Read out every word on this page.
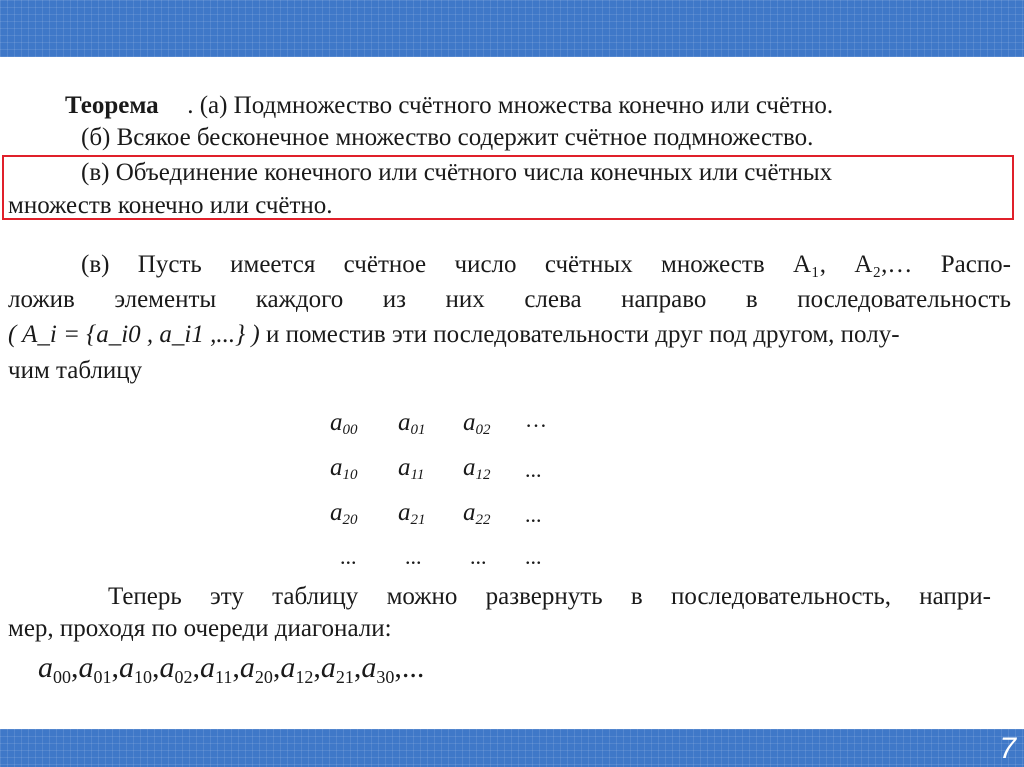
Теорема . (а) Подмножество счётного множества конечно или счётно.
(б) Всякое бесконечное множество содержит счётное подмножество.
(в) Объединение конечного или счётного числа конечных или счётных
множеств конечно или счётно.
(в) Пусть имеется счётное число счётных множеств А₁, А₂,… Распо-
ложив элементы каждого из них слева направо в последовательность
( A_i = {a_i0 , a_i1 ,...} ) и поместив эти последовательности друг под другом, полу-
чим таблицу
$a_{00}$ $a_{01}$ $a_{02}$ …
$a_{10}$ $a_{11}$ $a_{12}$ ...
$a_{20}$ $a_{21}$ $a_{22}$ ...
... ... ... ...
Теперь эту таблицу можно развернуть в последовательность, напри-
мер, проходя по очереди диагонали:
$a_{00},a_{01},a_{10},a_{02},a_{11},a_{20},a_{12},a_{21},a_{30}$,...
7
